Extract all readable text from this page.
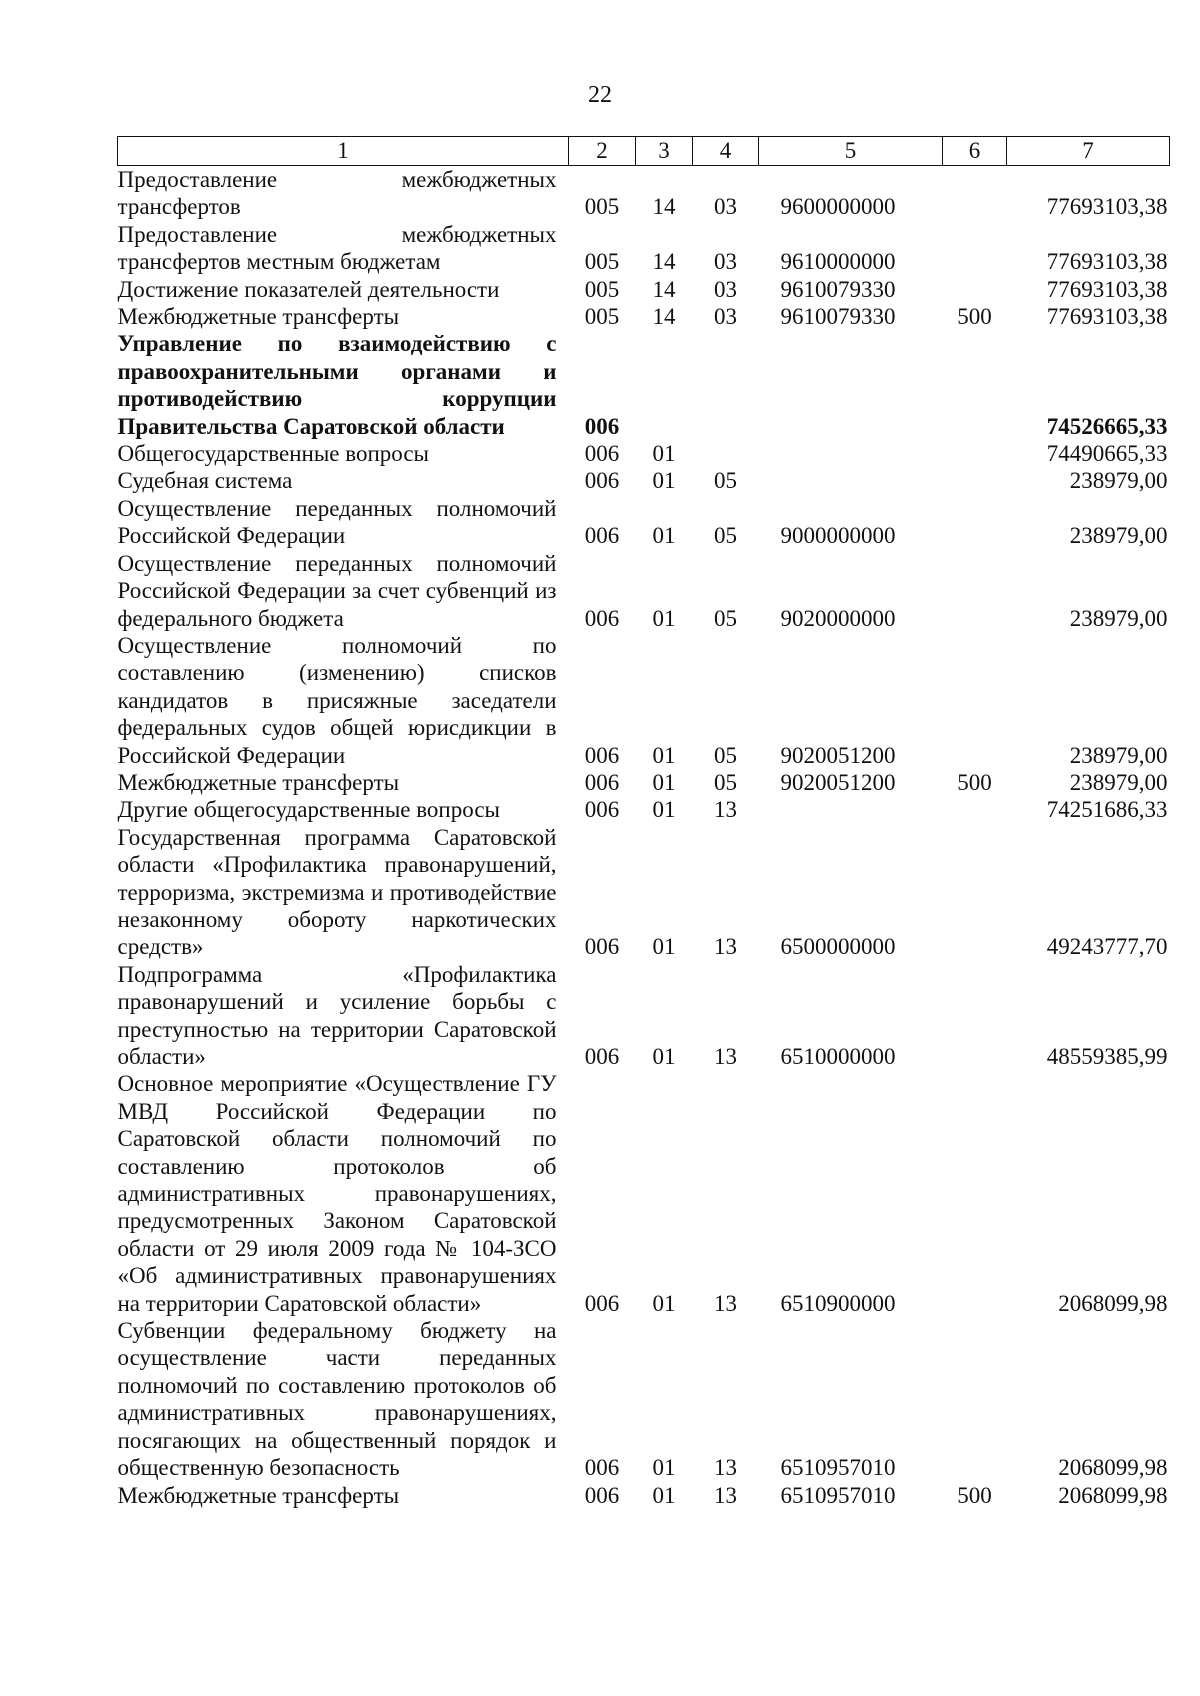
22
1	2	3	4	5	6	7
Предоставление межбюджетных трансфертов	005	14	03	9600000000		77693103,38
Предоставление межбюджетных трансфертов местным бюджетам	005	14	03	9610000000		77693103,38
Достижение показателей деятельности	005	14	03	9610079330		77693103,38
Межбюджетные трансферты	005	14	03	9610079330	500	77693103,38
Управление по взаимодействию с правоохранительными органами и противодействию коррупции Правительства Саратовской области	006					74526665,33
Общегосударственные вопросы	006	01				74490665,33
Судебная система	006	01	05			238979,00
Осуществление переданных полномочий Российской Федерации	006	01	05	9000000000		238979,00
Осуществление переданных полномочий Российской Федерации за счет субвенций из федерального бюджета	006	01	05	9020000000		238979,00
Осуществление полномочий по составлению (изменению) списков кандидатов в присяжные заседатели федеральных судов общей юрисдикции в Российской Федерации	006	01	05	9020051200		238979,00
Межбюджетные трансферты	006	01	05	9020051200	500	238979,00
Другие общегосударственные вопросы	006	01	13			74251686,33
Государственная программа Саратовской области «Профилактика правонарушений, терроризма, экстремизма и противодействие незаконному обороту наркотических средств»	006	01	13	6500000000		49243777,70
Подпрограмма «Профилактика правонарушений и усиление борьбы с преступностью на территории Саратовской области»	006	01	13	6510000000		48559385,99
Основное мероприятие «Осуществление ГУ МВД Российской Федерации по Саратовской области полномочий по составлению протоколов об административных правонарушениях, предусмотренных Законом Саратовской области от 29 июля 2009 года № 104-ЗСО «Об административных правонарушениях на территории Саратовской области»	006	01	13	6510900000		2068099,98
Субвенции федеральному бюджету на осуществление части переданных полномочий по составлению протоколов об административных правонарушениях, посягающих на общественный порядок и общественную безопасность	006	01	13	6510957010		2068099,98
Межбюджетные трансферты	006	01	13	6510957010	500	2068099,98
